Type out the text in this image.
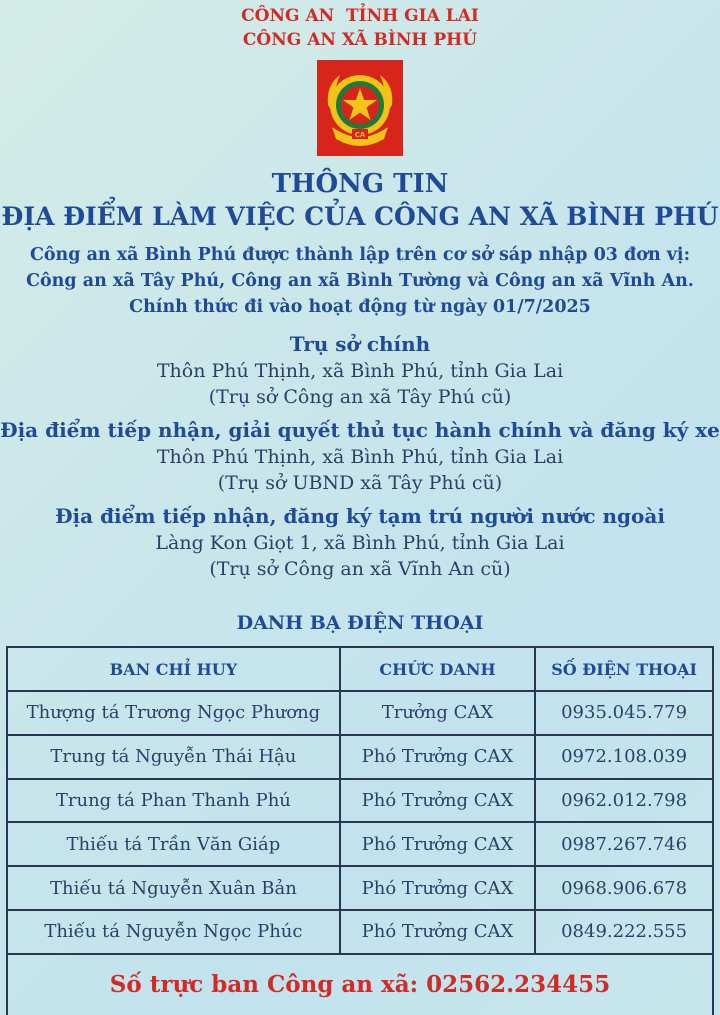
CÔNG AN  TỈNH GIA LAI
CÔNG AN XÃ BÌNH PHÚ
CA
THÔNG TIN
ĐỊA ĐIỂM LÀM VIỆC CỦA CÔNG AN XÃ BÌNH PHÚ
Công an xã Bình Phú được thành lập trên cơ sở sáp nhập 03 đơn vị:
Công an xã Tây Phú, Công an xã Bình Tường và Công an xã Vĩnh An.
Chính thức đi vào hoạt động từ ngày 01/7/2025
Trụ sở chính
Thôn Phú Thịnh, xã Bình Phú, tỉnh Gia Lai
(Trụ sở Công an xã Tây Phú cũ)
Địa điểm tiếp nhận, giải quyết thủ tục hành chính và đăng ký xe
Thôn Phú Thịnh, xã Bình Phú, tỉnh Gia Lai
(Trụ sở UBND xã Tây Phú cũ)
Địa điểm tiếp nhận, đăng ký tạm trú người nước ngoài
Làng Kon Giọt 1, xã Bình Phú, tỉnh Gia Lai
(Trụ sở Công an xã Vĩnh An cũ)
DANH BẠ ĐIỆN THOẠI
BAN CHỈ HUY	CHỨC DANH	SỐ ĐIỆN THOẠI
Thượng tá Trương Ngọc Phương	Trưởng CAX	0935.045.779
Trung tá Nguyễn Thái Hậu	Phó Trưởng CAX	0972.108.039
Trung tá Phan Thanh Phú	Phó Trưởng CAX	0962.012.798
Thiếu tá Trần Văn Giáp	Phó Trưởng CAX	0987.267.746
Thiếu tá Nguyễn Xuân Bản	Phó Trưởng CAX	0968.906.678
Thiếu tá Nguyễn Ngọc Phúc	Phó Trưởng CAX	0849.222.555
Số trực ban Công an xã: 02562.234455		
